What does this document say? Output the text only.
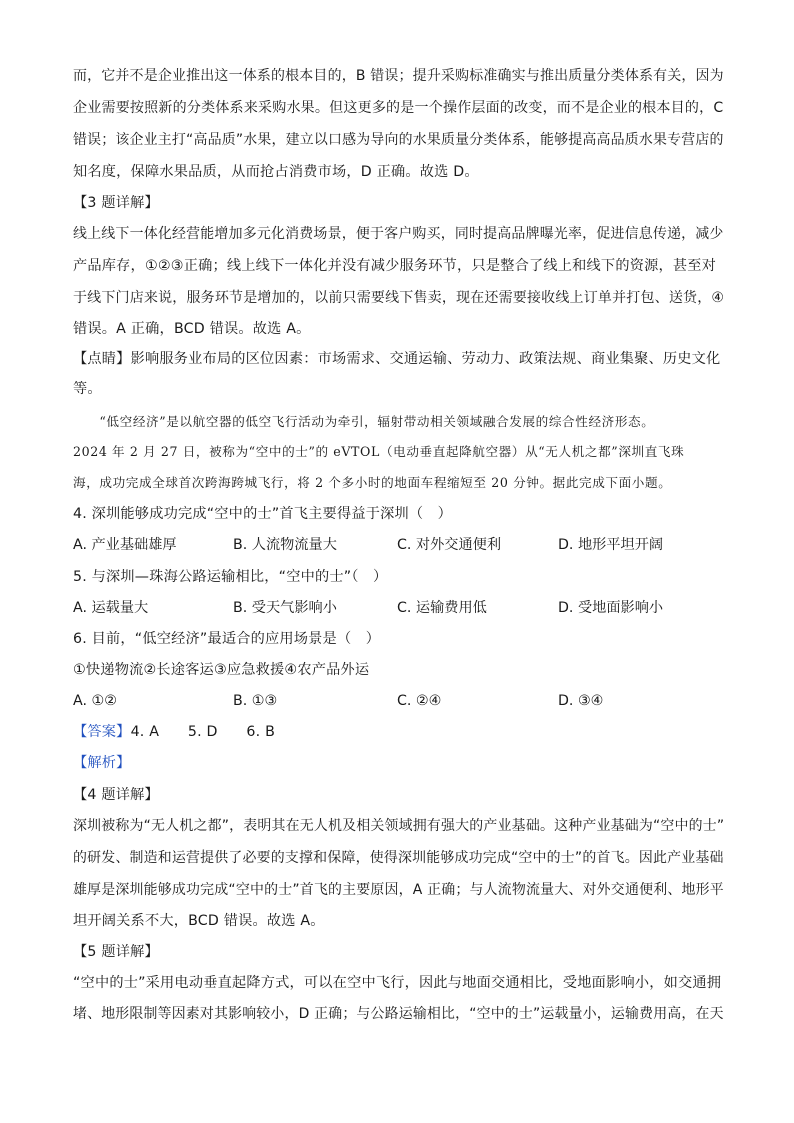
而，它并不是企业推出这一体系的根本目的，B 错误；提升采购标准确实与推出质量分类体系有关，因为
企业需要按照新的分类体系来采购水果。但这更多的是一个操作层面的改变，而不是企业的根本目的，C
错误；该企业主打“高品质”水果，建立以口感为导向的水果质量分类体系，能够提高高品质水果专营店的
知名度，保障水果品质，从而抢占消费市场，D 正确。故选 D。
【3 题详解】
线上线下一体化经营能增加多元化消费场景，便于客户购买，同时提高品牌曝光率，促进信息传递，减少
产品库存，①②③正确；线上线下一体化并没有减少服务环节，只是整合了线上和线下的资源，甚至对
于线下门店来说，服务环节是增加的，以前只需要线下售卖，现在还需要接收线上订单并打包、送货，④
错误。A 正确，BCD 错误。故选 A。
【点睛】影响服务业布局的区位因素：市场需求、交通运输、劳动力、政策法规、商业集聚、历史文化
等。
　　“低空经济”是以航空器的低空飞行活动为牵引，辐射带动相关领域融合发展的综合性经济形态。
2024 年 2 月 27 日，被称为“空中的士”的 eVTOL（电动垂直起降航空器）从“无人机之都”深圳直飞珠
海，成功完成全球首次跨海跨城飞行，将 2 个多小时的地面车程缩短至 20 分钟。据此完成下面小题。
4. 深圳能够成功完成“空中的士”首飞主要得益于深圳（　）
A. 产业基础雄厚	B. 人流物流量大	C. 对外交通便利	D. 地形平坦开阔
5. 与深圳—珠海公路运输相比，“空中的士”（　）
A. 运载量大	B. 受天气影响小	C. 运输费用低	D. 受地面影响小
6. 目前，“低空经济”最适合的应用场景是（　）
①快递物流②长途客运③应急救援④农产品外运
A. ①②	B. ①③	C. ②④	D. ③④
【答案】4. A　　5. D　　6. B
【解析】
【4 题详解】
深圳被称为“无人机之都”，表明其在无人机及相关领域拥有强大的产业基础。这种产业基础为“空中的士”
的研发、制造和运营提供了必要的支撑和保障，使得深圳能够成功完成“空中的士”的首飞。因此产业基础
雄厚是深圳能够成功完成“空中的士”首飞的主要原因，A 正确；与人流物流量大、对外交通便利、地形平
坦开阔关系不大，BCD 错误。故选 A。
【5 题详解】
“空中的士”采用电动垂直起降方式，可以在空中飞行，因此与地面交通相比，受地面影响小，如交通拥
堵、地形限制等因素对其影响较小，D 正确；与公路运输相比，“空中的士”运载量小，运输费用高，在天
